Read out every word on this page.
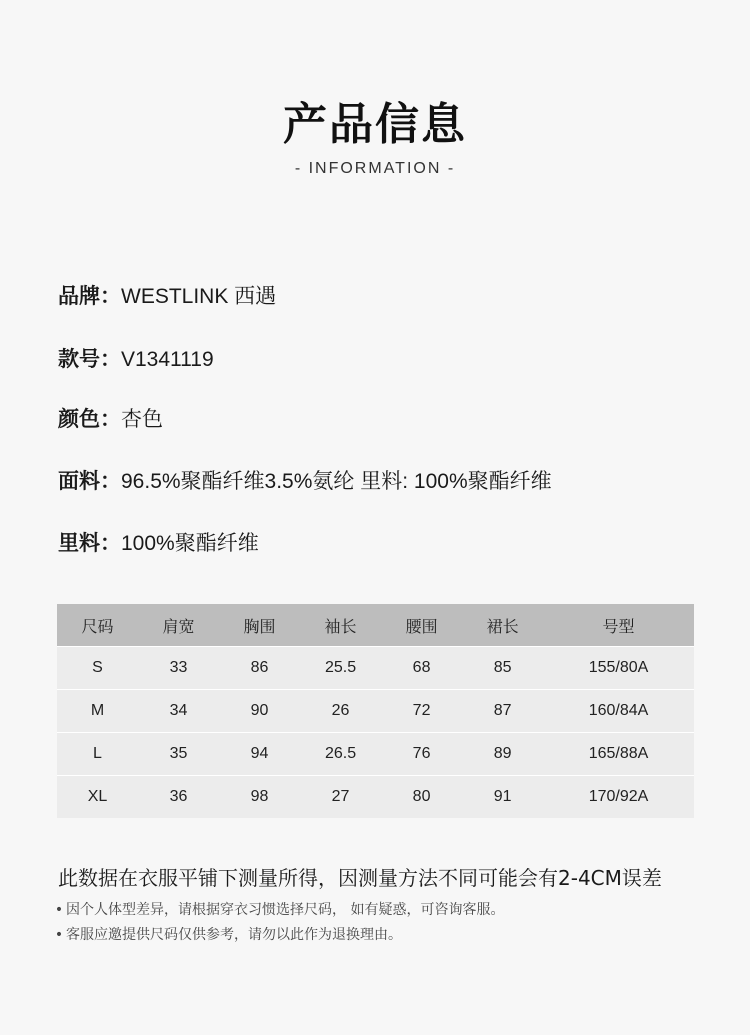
产品信息
- INFORMATION -
品牌：WESTLINK 西遇
款号：V1341119
颜色：杏色
面料：96.5%聚酯纤维3.5%氨纶 里料: 100%聚酯纤维
里料：100%聚酯纤维
尺码	肩宽	胸围	袖长	腰围	裙长	号型
S	33	86	25.5	68	85	155/80A
M	34	90	26	72	87	160/84A
L	35	94	26.5	76	89	165/88A
XL	36	98	27	80	91	170/92A
此数据在衣服平铺下测量所得，因测量方法不同可能会有2-4CM误差
• 因个人体型差异，请根据穿衣习惯选择尺码， 如有疑惑，可咨询客服。
• 客服应邀提供尺码仅供参考，请勿以此作为退换理由。
